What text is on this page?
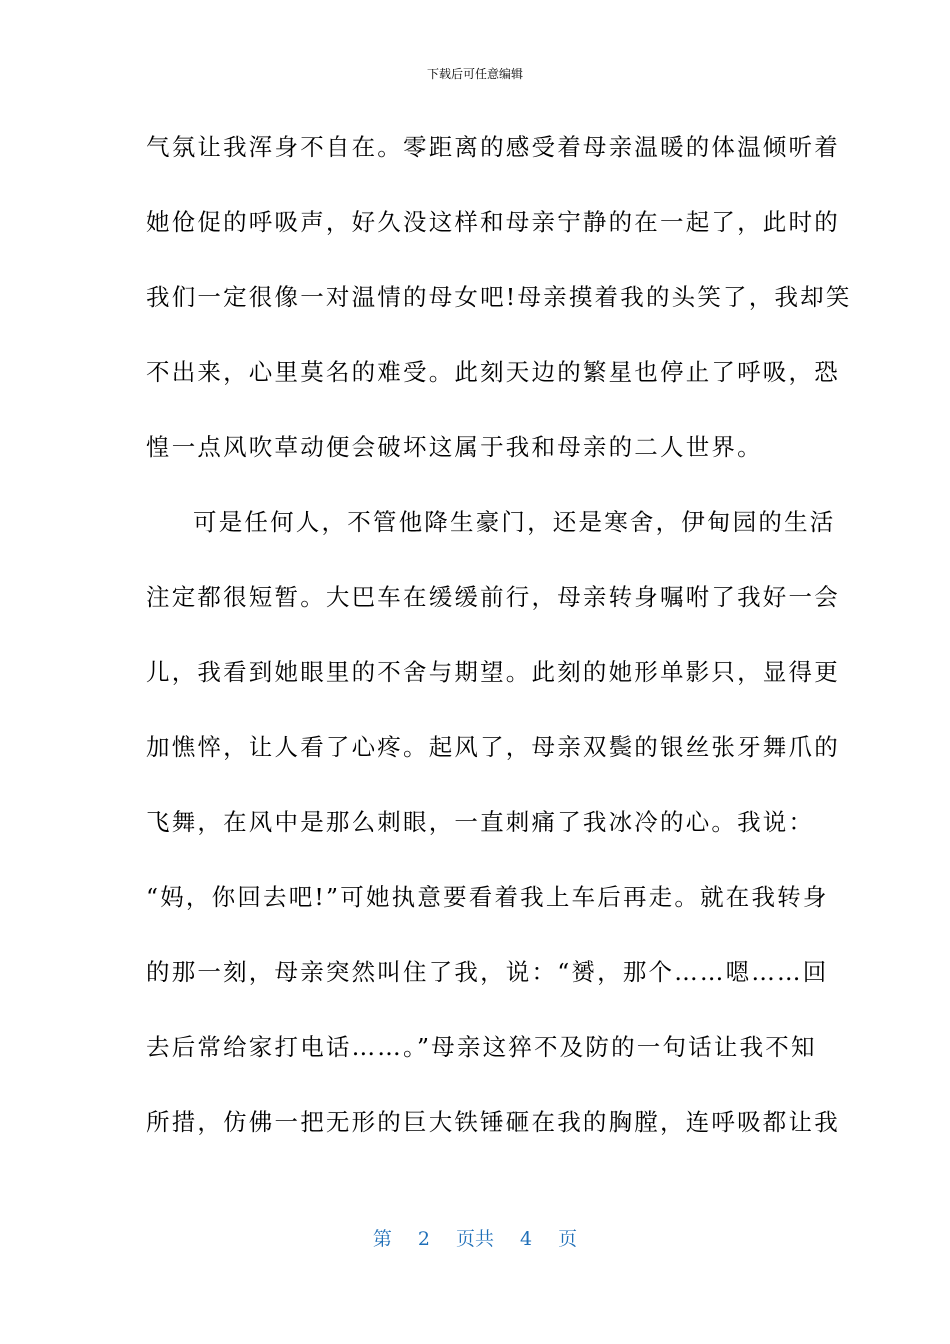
下载后可任意编辑
气氛让我浑身不自在。零距离的感受着母亲温暖的体温倾听着
她伧促的呼吸声，好久没这样和母亲宁静的在一起了，此时的
我们一定很像一对温情的母女吧!母亲摸着我的头笑了，我却笑
不出来，心里莫名的难受。此刻天边的繁星也停止了呼吸，恐
惶一点风吹草动便会破坏这属于我和母亲的二人世界。
可是任何人，不管他降生豪门，还是寒舍，伊甸园的生活
注定都很短暂。大巴车在缓缓前行，母亲转身嘱咐了我好一会
儿，我看到她眼里的不舍与期望。此刻的她形单影只，显得更
加憔悴，让人看了心疼。起风了，母亲双鬓的银丝张牙舞爪的
飞舞，在风中是那么刺眼，一直刺痛了我冰冷的心。我说：
“妈，你回去吧!”可她执意要看着我上车后再走。就在我转身
的那一刻，母亲突然叫住了我，说：“赟，那个……嗯……回
去后常给家打电话……。”母亲这猝不及防的一句话让我不知
所措，仿佛一把无形的巨大铁锤砸在我的胸膛，连呼吸都让我
第 2 页共 4 页
